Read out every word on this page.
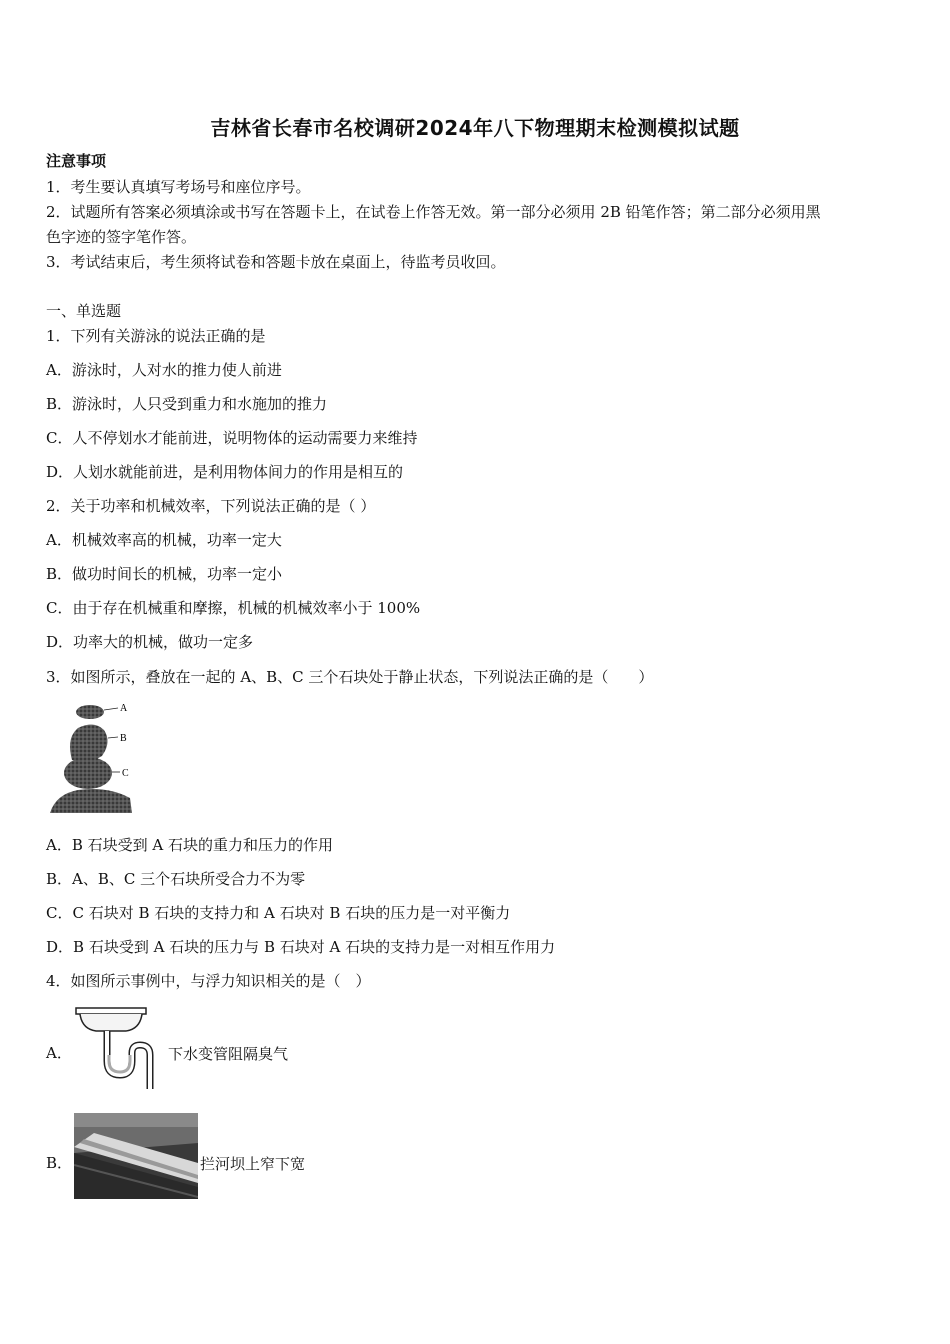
吉林省长春市名校调研2024年八下物理期末检测模拟试题
注意事项
1．考生要认真填写考场号和座位序号。
2．试题所有答案必须填涂或书写在答题卡上，在试卷上作答无效。第一部分必须用 2B 铅笔作答；第二部分必须用黑
色字迹的签字笔作答。
3．考试结束后，考生须将试卷和答题卡放在桌面上，待监考员收回。
一、单选题
1．下列有关游泳的说法正确的是
A．游泳时，人对水的推力使人前进
B．游泳时，人只受到重力和水施加的推力
C．人不停划水才能前进，说明物体的运动需要力来维持
D．人划水就能前进，是利用物体间力的作用是相互的
2．关于功率和机械效率，下列说法正确的是（ ）
A．机械效率高的机械，功率一定大
B．做功时间长的机械，功率一定小
C．由于存在机械重和摩擦，机械的机械效率小于 100%
D．功率大的机械，做功一定多
3．如图所示，叠放在一起的 A、B、C 三个石块处于静止状态，下列说法正确的是（　　）
A
B
C
A．B 石块受到 A 石块的重力和压力的作用
B．A、B、C 三个石块所受合力不为零
C．C 石块对 B 石块的支持力和 A 石块对 B 石块的压力是一对平衡力
D．B 石块受到 A 石块的压力与 B 石块对 A 石块的支持力是一对相互作用力
4．如图所示事例中，与浮力知识相关的是（　）
A．	下水变管阻隔臭气
B．	拦河坝上窄下宽
